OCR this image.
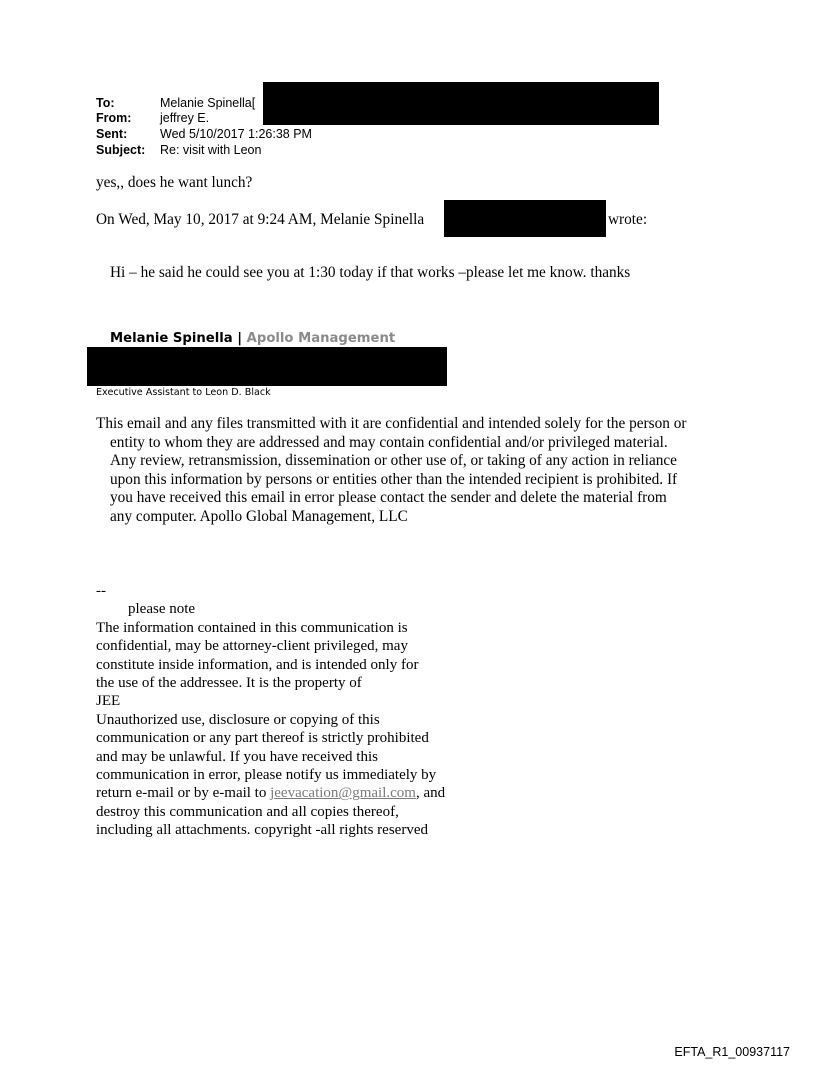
To:	Melanie Spinella[
From: jeffrey E.
Sent:	Wed 5/10/2017 1:26:38 PM
Subject: Re: visit with Leon
yes,, does he want lunch?
On Wed, May 10, 2017 at 9:24 AM, Melanie Spinella	wrote:
Hi – he said he could see you at 1:30 today if that works –please let me know. thanks
Melanie Spinella | Apollo Management
Executive Assistant to Leon D. Black
This email and any files transmitted with it are confidential and intended solely for the person or
entity to whom they are addressed and may contain confidential and/or privileged material.
Any review, retransmission, dissemination or other use of, or taking of any action in reliance
upon this information by persons or entities other than the intended recipient is prohibited. If
you have received this email in error please contact the sender and delete the material from
any computer. Apollo Global Management, LLC
--
please note
The information contained in this communication is
confidential, may be attorney-client privileged, may
constitute inside information, and is intended only for
the use of the addressee. It is the property of
JEE
Unauthorized use, disclosure or copying of this
communication or any part thereof is strictly prohibited
and may be unlawful. If you have received this
communication in error, please notify us immediately by
return e-mail or by e-mail to jeevacation@gmail.com, and
destroy this communication and all copies thereof,
including all attachments. copyright -all rights reserved
EFTA_R1_00937117
